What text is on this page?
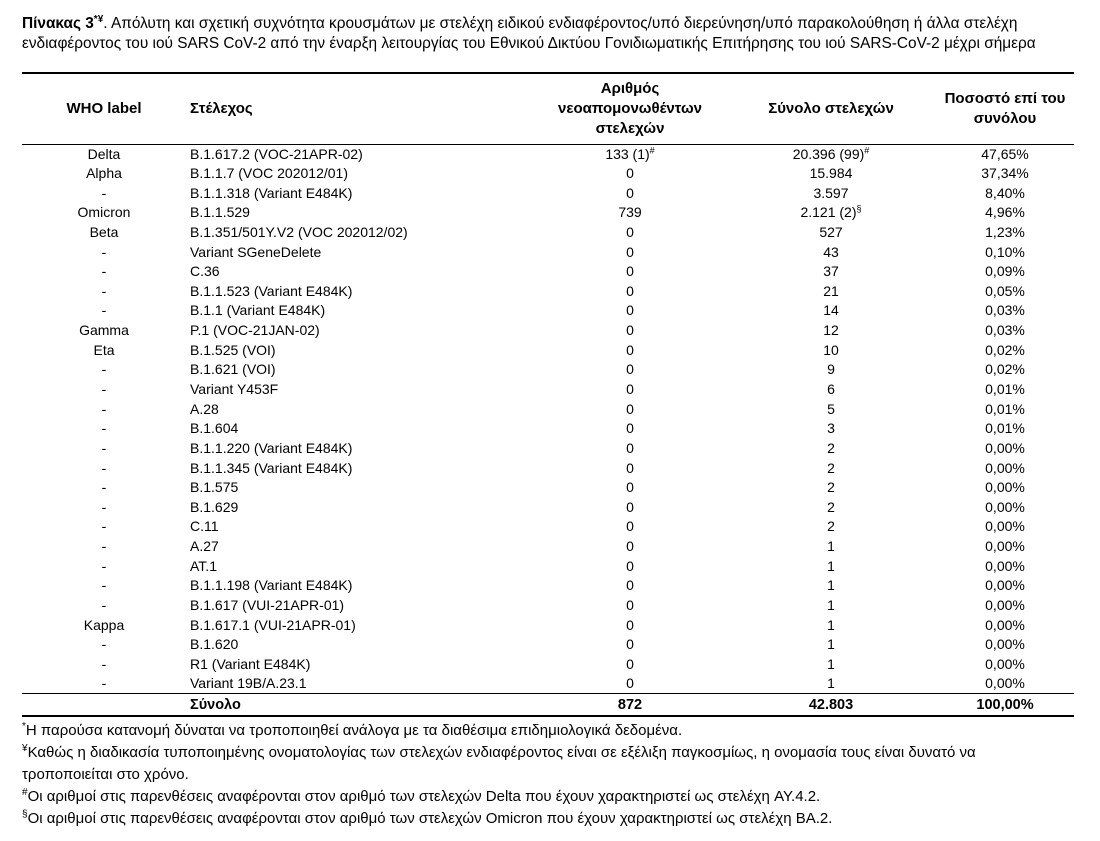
Πίνακας 3*¥. Απόλυτη και σχετική συχνότητα κρουσμάτων με στελέχη ειδικού ενδιαφέροντος/υπό διερεύνηση/υπό παρακολούθηση ή άλλα στελέχη ενδιαφέροντος του ιού SARS CoV-2 από την έναρξη λειτουργίας του Εθνικού Δικτύου Γονιδιωματικής Επιτήρησης του ιού SARS-CoV-2 μέχρι σήμερα
WHO label	Στέλεχος	Αριθμός νεοαπομονωθέντων στελεχών	Σύνολο στελεχών	Ποσοστό επί του συνόλου
Delta	B.1.617.2 (VOC-21APR-02)	133 (1)#	20.396 (99)#	47,65%
Alpha	B.1.1.7 (VOC 202012/01)	0	15.984	37,34%
-	B.1.1.318 (Variant E484K)	0	3.597	8,40%
Omicron	B.1.1.529	739	2.121 (2)§	4,96%
Beta	B.1.351/501Y.V2 (VOC 202012/02)	0	527	1,23%
-	Variant SGeneDelete	0	43	0,10%
-	C.36	0	37	0,09%
-	B.1.1.523 (Variant E484K)	0	21	0,05%
-	B.1.1 (Variant E484K)	0	14	0,03%
Gamma	P.1 (VOC-21JAN-02)	0	12	0,03%
Eta	B.1.525 (VOI)	0	10	0,02%
-	B.1.621 (VOI)	0	9	0,02%
-	Variant Y453F	0	6	0,01%
-	A.28	0	5	0,01%
-	B.1.604	0	3	0,01%
-	B.1.1.220 (Variant E484K)	0	2	0,00%
-	B.1.1.345 (Variant E484K)	0	2	0,00%
-	B.1.575	0	2	0,00%
-	B.1.629	0	2	0,00%
-	C.11	0	2	0,00%
-	A.27	0	1	0,00%
-	AT.1	0	1	0,00%
-	B.1.1.198 (Variant E484K)	0	1	0,00%
-	B.1.617 (VUI-21APR-01)	0	1	0,00%
Kappa	B.1.617.1 (VUI-21APR-01)	0	1	0,00%
-	B.1.620	0	1	0,00%
-	R1 (Variant E484K)	0	1	0,00%
-	Variant 19B/A.23.1	0	1	0,00%
	Σύνολο	872	42.803	100,00%

*Η παρούσα κατανομή δύναται να τροποποιηθεί ανάλογα με τα διαθέσιμα επιδημιολογικά δεδομένα.

¥Καθώς η διαδικασία τυποποιημένης ονοματολογίας των στελεχών ενδιαφέροντος είναι σε εξέλιξη παγκοσμίως, η ονομασία τους είναι δυνατό να τροποποιείται στο χρόνο.

#Οι αριθμοί στις παρενθέσεις αναφέρονται στον αριθμό των στελεχών Delta που έχουν χαρακτηριστεί ως στελέχη AY.4.2.

§Οι αριθμοί στις παρενθέσεις αναφέρονται στον αριθμό των στελεχών Omicron που έχουν χαρακτηριστεί ως στελέχη BA.2.
